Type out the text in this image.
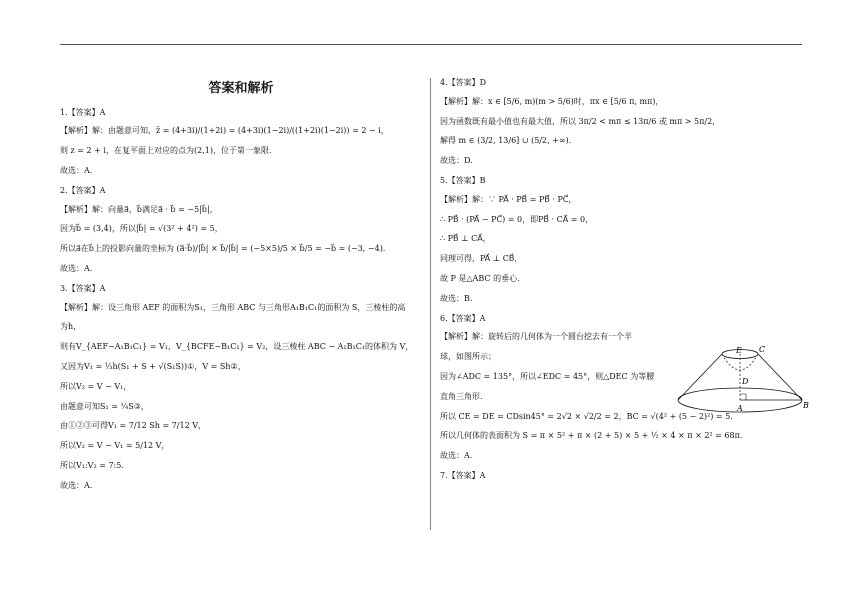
答案和解析
1.【答案】A
【解析】解：由题意可知，z̄ = (4+3i)/(1+2i) = (4+3i)(1−2i)/((1+2i)(1−2i)) = 2 − i，
则 z = 2 + i，在复平面上对应的点为(2,1)，位于第一象限.
故选：A.
2.【答案】A
【解析】解：向量a⃗，b⃗满足a⃗ · b⃗ = −5|b⃗|，
因为b⃗ = (3,4)，所以|b⃗| = √(3² + 4²) = 5，
所以a⃗在b⃗上的投影向量的坐标为 (a⃗·b⃗)/|b⃗| × b⃗/|b⃗| = (−5×5)/5 × b⃗/5 = −b⃗ = (−3, −4).
故选：A.
3.【答案】A
【解析】解：设三角形 AEF 的面积为S₁，三角形 ABC 与三角形A₁B₁C₁的面积为 S，三棱柱的高
为h，
则有V_{AEF−A₁B₁C₁} = V₁，V_{BCFE−B₁C₁} = V₂，设三棱柱 ABC − A₁B₁C₁的体积为 V，
又因为V₁ = ⅓h(S₁ + S + √(S₁S))①，V = Sh②，
所以V₂ = V − V₁，
由题意可知S₁ = ¼S③，
由①②③可得V₁ = 7/12 Sh = 7/12 V，
所以V₂ = V − V₁ = 5/12 V，
所以V₁:V₂ = 7:5.
故选：A.
4.【答案】D
【解析】解：x ∈ [5/6, m)(m > 5/6)时，πx ∈ [5/6 π, mπ)，
因为函数既有最小值也有最大值，所以 3π/2 < mπ ≤ 13π/6 或 mπ > 5π/2，
解得 m ∈ (3/2, 13/6] ∪ (5/2, +∞).
故选：D.
5.【答案】B
【解析】解：∵ PA⃗ · PB⃗ = PB⃗ · PC⃗，
∴ PB⃗ · (PA⃗ − PC⃗) = 0，即PB⃗ · CA⃗ = 0，
∴ PB⃗ ⊥ CA⃗，
同理可得，PA⃗ ⊥ CB⃗，
故 P 是△ABC 的垂心.
故选：B.
6.【答案】A
【解析】解：旋转后的几何体为一个圆台挖去有一个半
球，如图所示；
因为∠ADC = 135°，所以∠EDC = 45°，则△DEC 为等腰
直角三角形.
所以 CE = DE = CDsin45° = 2√2 × √2/2 = 2，BC = √(4² + (5 − 2)²) = 5.
所以几何体的表面积为 S = π × 5² + π × (2 + 5) × 5 + ½ × 4 × π × 2² = 68π.
故选：A.
7.【答案】A
E C
D
A	B
